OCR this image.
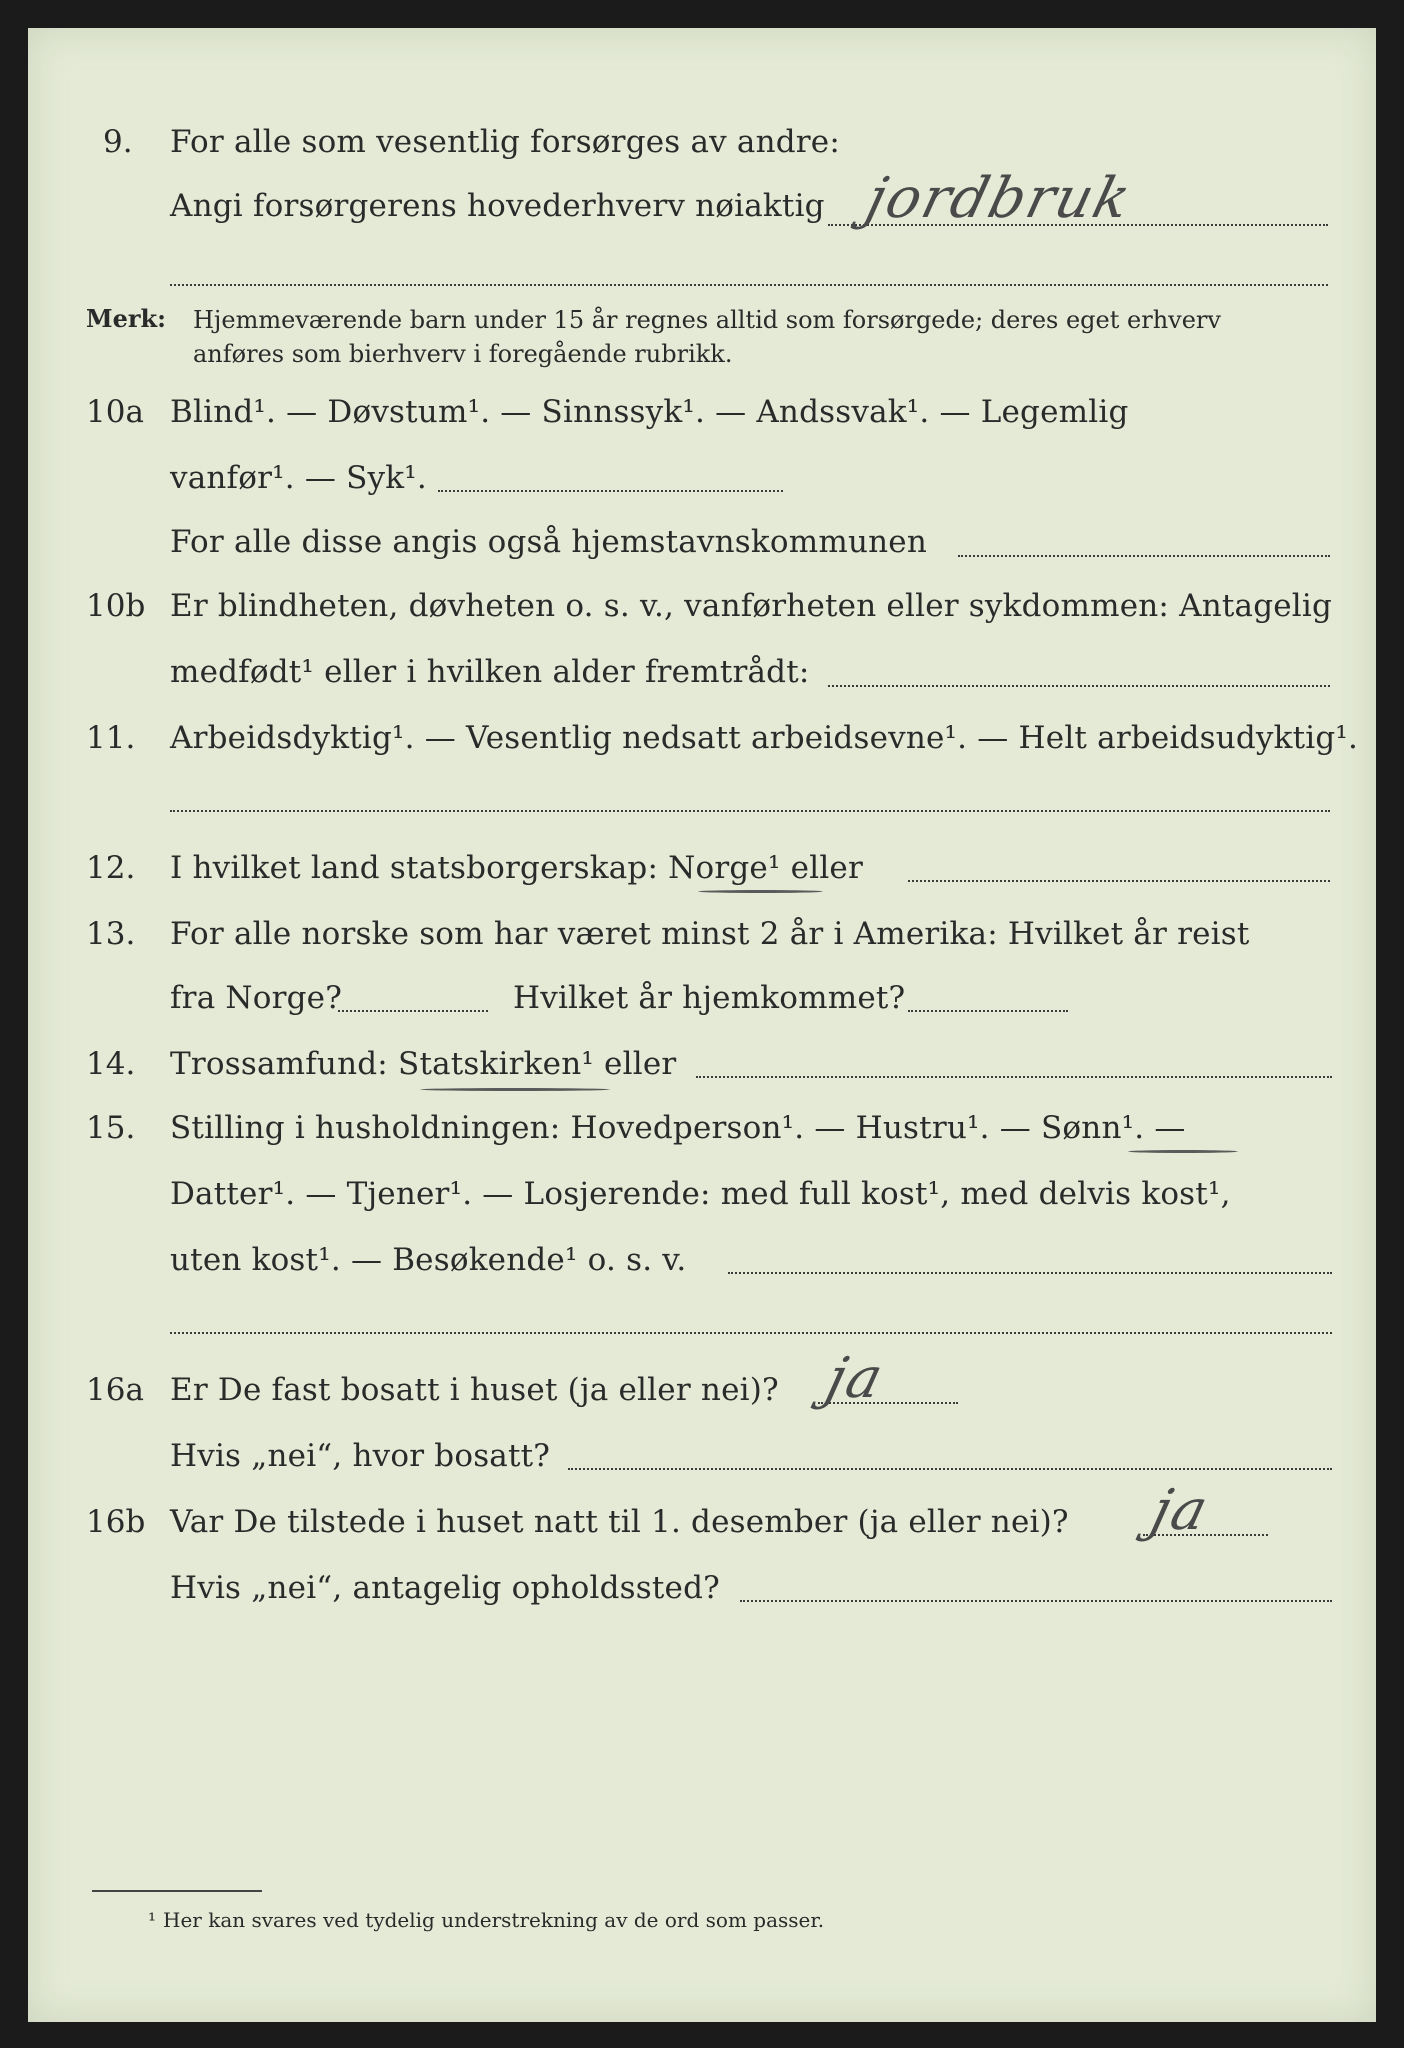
9. For alle som vesentlig forsørges av andre:
Angi forsørgerens hovederhverv nøiaktig jordbruk
Merk: Hjemmeværende barn under 15 år regnes alltid som forsørgede; deres eget erhverv
anføres som bierhverv i foregående rubrikk.
10a Blind¹. — Døvstum¹. — Sinnssyk¹. — Andssvak¹. — Legemlig
vanfør¹. — Syk¹.
For alle disse angis også hjemstavnskommunen
10b Er blindheten, døvheten o. s. v., vanførheten eller sykdommen: Antagelig
medfødt¹ eller i hvilken alder fremtrådt:
11. Arbeidsdyktig¹. — Vesentlig nedsatt arbeidsevne¹. — Helt arbeidsudyktig¹.
12. I hvilket land statsborgerskap: Norge¹ eller
13. For alle norske som har været minst 2 år i Amerika: Hvilket år reist
fra Norge?	Hvilket år hjemkommet?
14. Trossamfund: Statskirken¹ eller
15. Stilling i husholdningen: Hovedperson¹. — Hustru¹. — Sønn¹. —
Datter¹. — Tjener¹. — Losjerende: med full kost¹, med delvis kost¹,
uten kost¹. — Besøkende¹ o. s. v.
16a Er De fast bosatt i huset (ja eller nei)? ja
Hvis „nei“, hvor bosatt?
16b Var De tilstede i huset natt til 1. desember (ja eller nei)? ja
Hvis „nei“, antagelig opholdssted?
¹ Her kan svares ved tydelig understrekning av de ord som passer.
